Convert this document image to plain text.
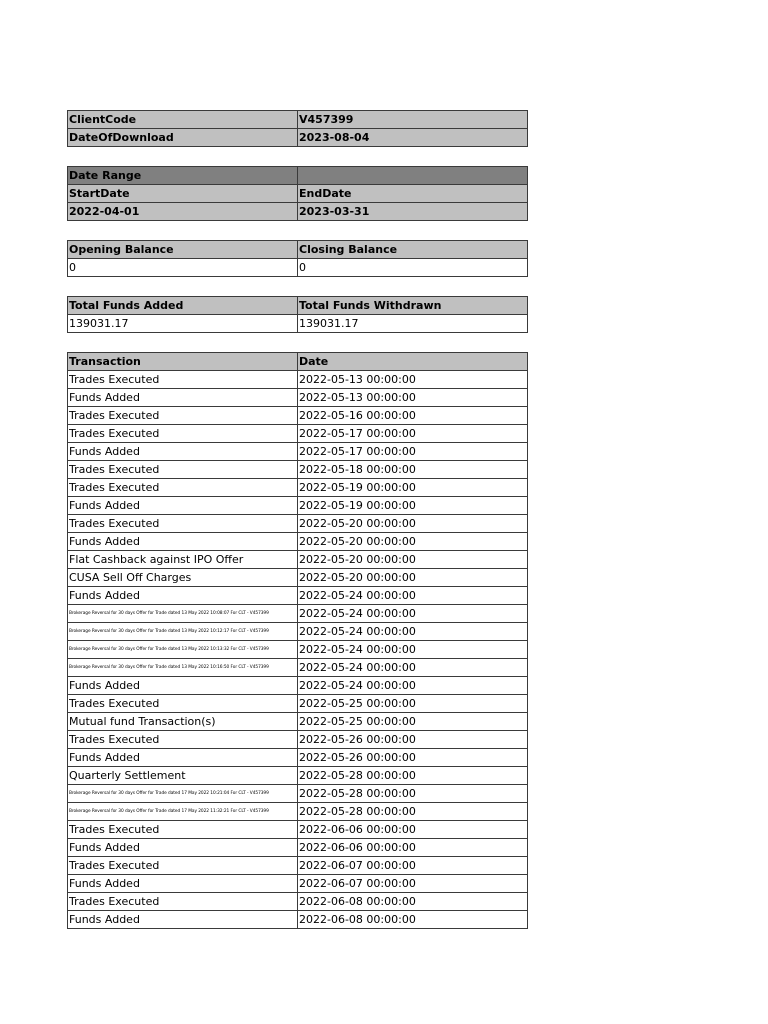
ClientCode	V457399
DateOfDownload	2023-08-04
Date Range	
StartDate	EndDate
2022-04-01	2023-03-31
Opening Balance	Closing Balance
0	0
Total Funds Added	Total Funds Withdrawn
139031.17	139031.17
Transaction	Date
Trades Executed	2022-05-13 00:00:00
Funds Added	2022-05-13 00:00:00
Trades Executed	2022-05-16 00:00:00
Trades Executed	2022-05-17 00:00:00
Funds Added	2022-05-17 00:00:00
Trades Executed	2022-05-18 00:00:00
Trades Executed	2022-05-19 00:00:00
Funds Added	2022-05-19 00:00:00
Trades Executed	2022-05-20 00:00:00
Funds Added	2022-05-20 00:00:00
Flat Cashback against IPO Offer	2022-05-20 00:00:00
CUSA Sell Off Charges	2022-05-20 00:00:00
Funds Added	2022-05-24 00:00:00
Brokerage Reversal for 30 days Offer for Trade dated 13 May 2022 10:08:07 For CLT - V457399	2022-05-24 00:00:00
Brokerage Reversal for 30 days Offer for Trade dated 13 May 2022 10:12:17 For CLT - V457399	2022-05-24 00:00:00
Brokerage Reversal for 30 days Offer for Trade dated 13 May 2022 10:13:32 For CLT - V457399	2022-05-24 00:00:00
Brokerage Reversal for 30 days Offer for Trade dated 13 May 2022 10:16:50 For CLT - V457399	2022-05-24 00:00:00
Funds Added	2022-05-24 00:00:00
Trades Executed	2022-05-25 00:00:00
Mutual fund Transaction(s)	2022-05-25 00:00:00
Trades Executed	2022-05-26 00:00:00
Funds Added	2022-05-26 00:00:00
Quarterly Settlement	2022-05-28 00:00:00
Brokerage Reversal for 30 days Offer for Trade dated 17 May 2022 10:21:04 For CLT - V457399	2022-05-28 00:00:00
Brokerage Reversal for 30 days Offer for Trade dated 17 May 2022 11:32:21 For CLT - V457399	2022-05-28 00:00:00
Trades Executed	2022-06-06 00:00:00
Funds Added	2022-06-06 00:00:00
Trades Executed	2022-06-07 00:00:00
Funds Added	2022-06-07 00:00:00
Trades Executed	2022-06-08 00:00:00
Funds Added	2022-06-08 00:00:00
